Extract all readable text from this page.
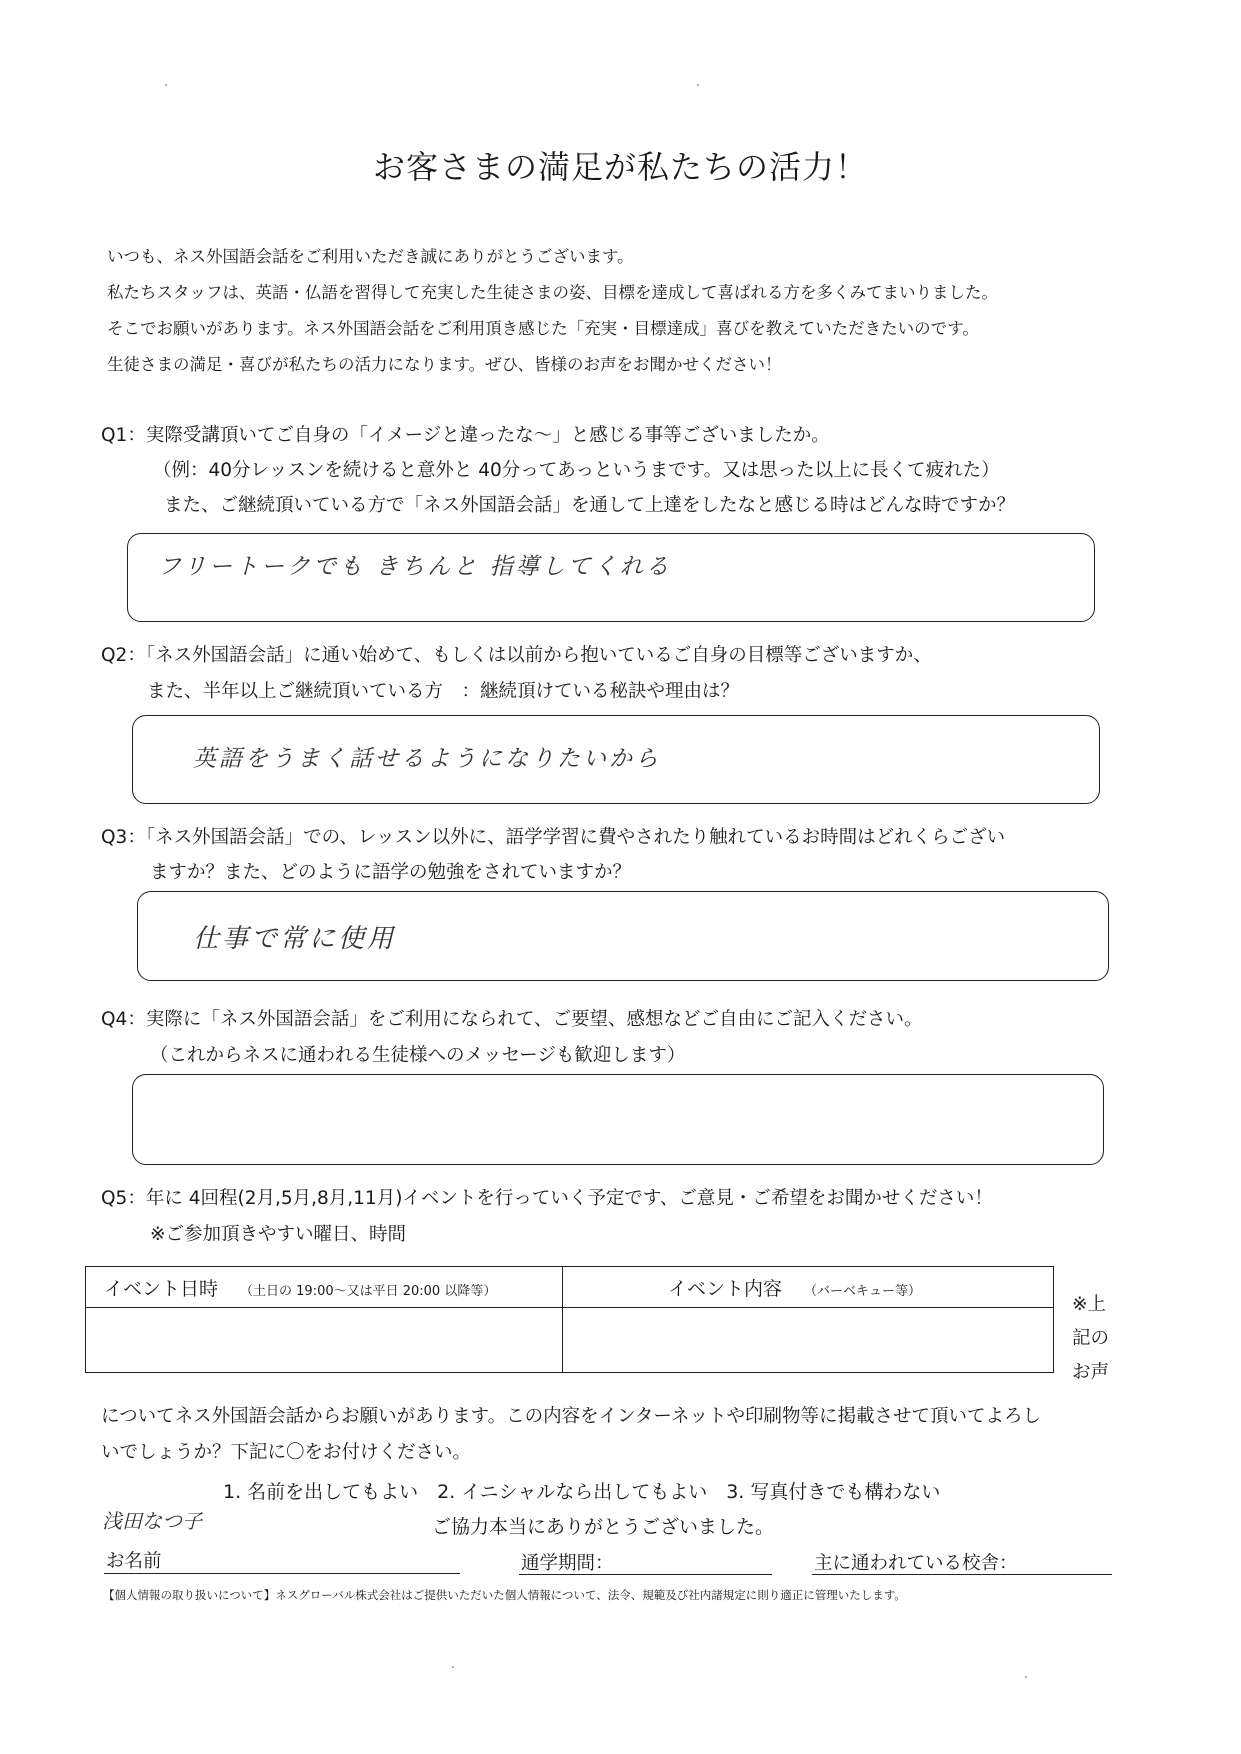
お客さまの満足が私たちの活力！
いつも、ネス外国語会話をご利用いただき誠にありがとうございます。
私たちスタッフは、英語・仏語を習得して充実した生徒さまの姿、目標を達成して喜ばれる方を多くみてまいりました。
そこでお願いがあります。ネス外国語会話をご利用頂き感じた「充実・目標達成」喜びを教えていただきたいのです。
生徒さまの満足・喜びが私たちの活力になります。ぜひ、皆様のお声をお聞かせください！
Q1：実際受講頂いてご自身の「イメージと違ったな～」と感じる事等ございましたか。
（例：40分レッスンを続けると意外と 40分ってあっというまです。又は思った以上に長くて疲れた）
また、ご継続頂いている方で「ネス外国語会話」を通して上達をしたなと感じる時はどんな時ですか？
フリートークでも きちんと 指導してくれる
Q2：「ネス外国語会話」に通い始めて、もしくは以前から抱いているご自身の目標等ございますか、
また、半年以上ご継続頂いている方　：継続頂けている秘訣や理由は？
英語をうまく話せるようになりたいから
Q3：「ネス外国語会話」での、レッスン以外に、語学学習に費やされたり触れているお時間はどれくらござい
ますか？また、どのように語学の勉強をされていますか？
仕事で常に使用
Q4：実際に「ネス外国語会話」をご利用になられて、ご要望、感想などご自由にご記入ください。
（これからネスに通われる生徒様へのメッセージも歓迎します）
Q5：年に 4回程(2月,5月,8月,11月)イベントを行っていく予定です、ご意見・ご希望をお聞かせください！
※ご参加頂きやすい曜日、時間
イベント日時 （土日の 19:00～又は平日 20:00 以降等）	イベント内容 （バーベキュー等）

※上記のお声
についてネス外国語会話からお願いがあります。この内容をインターネットや印刷物等に掲載させて頂いてよろし
いでしょうか？下記に〇をお付けください。
1. 名前を出してもよい　2. イニシャルなら出してもよい　3. 写真付きでも構わない
ご協力本当にありがとうございました。
浅田なつ子
お名前	通学期間：	主に通われている校舎：
【個人情報の取り扱いについて】ネスグローバル株式会社はご提供いただいた個人情報について、法令、規範及び社内諸規定に則り適正に管理いたします。
